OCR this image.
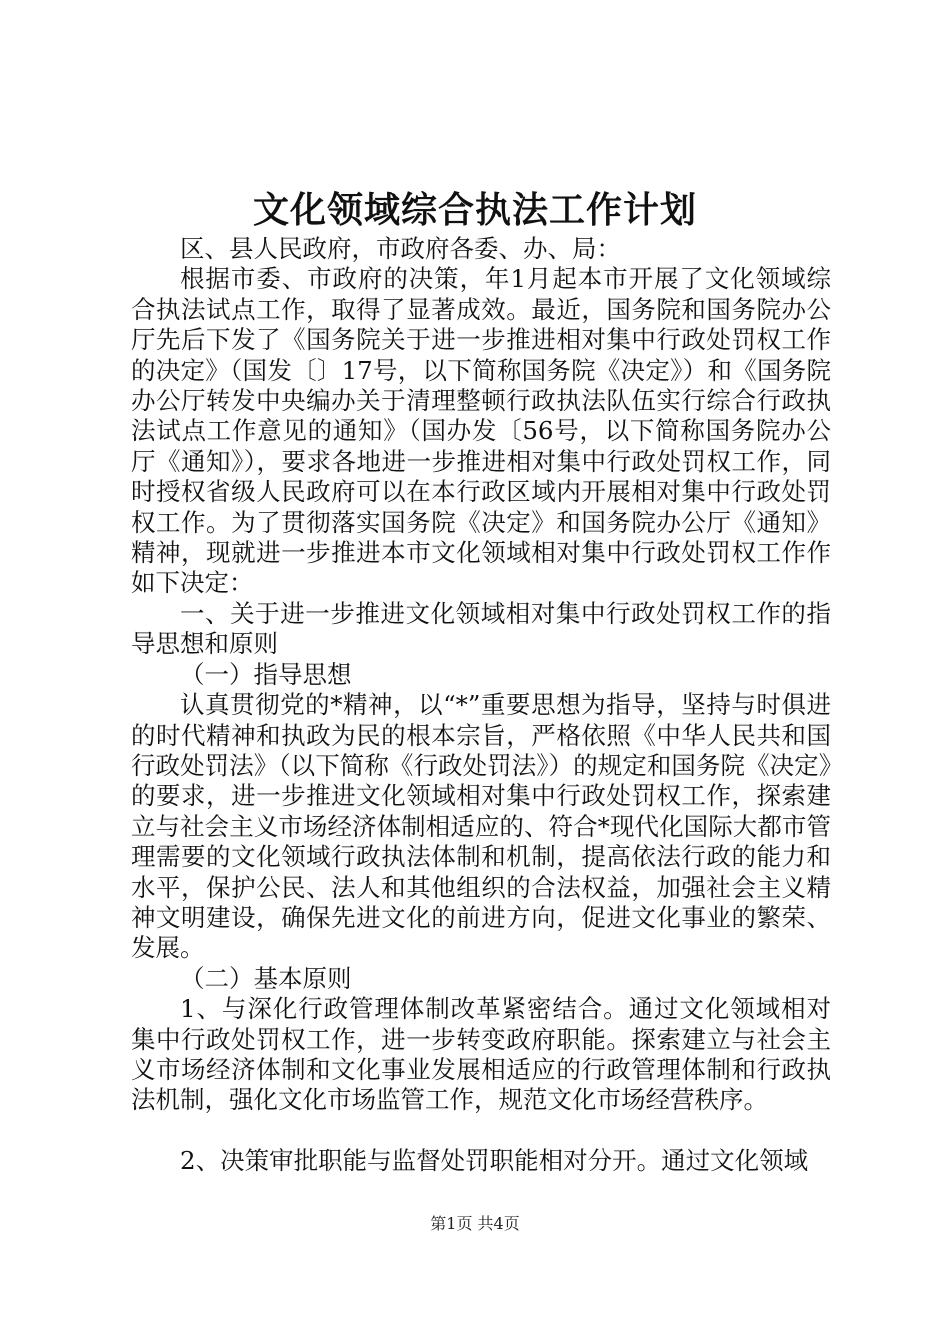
文化领域综合执法工作计划

区、县人民政府，市政府各委、办、局：

根据市委、市政府的决策，年1月起本市开展了文化领域综合执法试点工作，取得了显著成效。最近，国务院和国务院办公厅先后下发了《国务院关于进一步推进相对集中行政处罚权工作的决定》（国发〔〕17号，以下简称国务院《决定》）和《国务院办公厅转发中央编办关于清理整顿行政执法队伍实行综合行政执法试点工作意见的通知》（国办发〔56号，以下简称国务院办公厅《通知》），要求各地进一步推进相对集中行政处罚权工作，同时授权省级人民政府可以在本行政区域内开展相对集中行政处罚权工作。为了贯彻落实国务院《决定》和国务院办公厅《通知》精神，现就进一步推进本市文化领域相对集中行政处罚权工作作如下决定：

一、关于进一步推进文化领域相对集中行政处罚权工作的指导思想和原则

（一）指导思想

认真贯彻党的*精神，以“*”重要思想为指导，坚持与时俱进的时代精神和执政为民的根本宗旨，严格依照《中华人民共和国行政处罚法》（以下简称《行政处罚法》）的规定和国务院《决定》的要求，进一步推进文化领域相对集中行政处罚权工作，探索建立与社会主义市场经济体制相适应的、符合*现代化国际大都市管理需要的文化领域行政执法体制和机制，提高依法行政的能力和水平，保护公民、法人和其他组织的合法权益，加强社会主义精神文明建设，确保先进文化的前进方向，促进文化事业的繁荣、发展。

（二）基本原则

1、与深化行政管理体制改革紧密结合。通过文化领域相对集中行政处罚权工作，进一步转变政府职能。探索建立与社会主义市场经济体制和文化事业发展相适应的行政管理体制和行政执法机制，强化文化市场监管工作，规范文化市场经营秩序。

2、决策审批职能与监督处罚职能相对分开。通过文化领域

第1页 共4页
